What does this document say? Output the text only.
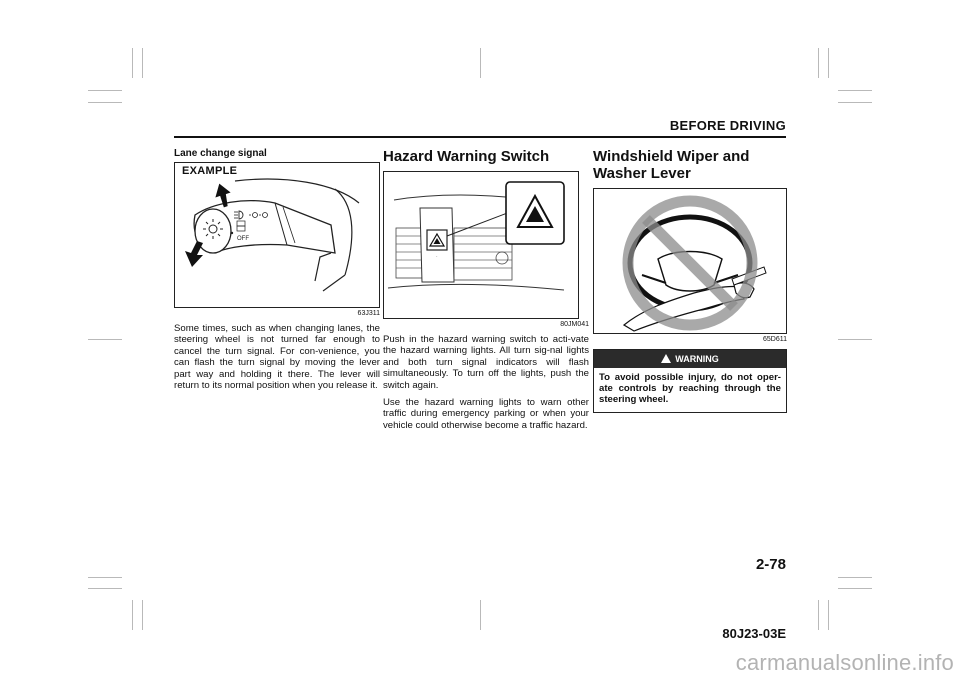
BEFORE DRIVING
Lane change signal
EXAMPLE
OFF
63J311

Some times, such as when changing lanes, the steering wheel is not turned far enough to cancel the turn signal. For con-venience, you can flash the turn signal by moving the lever part way and holding it there. The lever will return to its normal position when you release it.

Hazard Warning Switch
·
80JM041

Push in the hazard warning switch to acti-vate the hazard warning lights. All turn sig-nal lights and both turn signal indicators will flash simultaneously. To turn off the lights, push the switch again.

Use the hazard warning lights to warn other traffic during emergency parking or when your vehicle could otherwise become a traffic hazard.

Windshield Wiper and Washer Lever
65D611
WARNING
To avoid possible injury, do not oper-ate controls by reaching through the steering wheel.
2-78
80J23-03E
carmanualsonline.info
